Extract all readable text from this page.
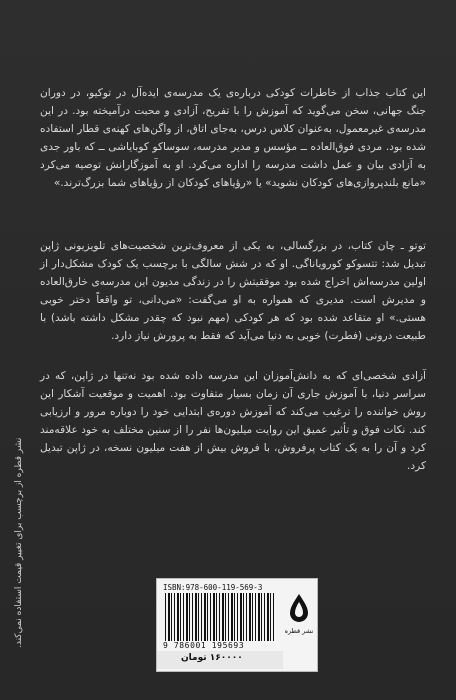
این کتاب جذاب از خاطرات کودکی درباره‌ی یک مدرسه‌ی ایده‌آل در توکیو، در دوران جنگ جهانی، سخن می‌گوید که آموزش را با تفریح، آزادی و محبت درآمیخته بود. در این مدرسه‌ی غیرمعمول، به‌عنوان کلاس درس، به‌جای اتاق، از واگن‌های کهنه‌ی قطار استفاده شده بود. مردی فوق‌العاده ــ مؤسس و مدیر مدرسه، سوساکو کوبایاشی ــ که باور جدی به آزادی بیان و عمل داشت مدرسه را اداره می‌کرد. او به آموزگارانش توصیه می‌کرد «مانع بلندپروازی‌های کودکان نشوید» یا «رؤیاهای کودکان از رؤیاهای شما بزرگ‌ترند.»
توتو ـ چان کتاب، در بزرگسالی، به یکی از معروف‌ترین شخصیت‌های تلویزیونی ژاپن تبدیل شد: تتسوکو کورویاناگی. او که در شش سالگی با برچسب یک کودک مشکل‌دار از اولین مدرسه‌اش اخراج شده بود موفقیتش را در زندگی مدیون این مدرسه‌ی خارق‌العاده و مدیرش است. مدیری که همواره به او می‌گفت: «می‌دانی، تو واقعاً دختر خوبی هستی.» او متقاعد شده بود که هر کودکی (مهم نبود که چقدر مشکل داشته باشد) با طبیعت درونی (فطرت) خوبی به دنیا می‌آید که فقط به پرورش نیاز دارد.
آزادی شخصی‌ای که به دانش‌آموزان این مدرسه داده شده بود نه‌تنها در ژاپن، که در سراسر دنیا، با آموزش جاری آن زمان بسیار متفاوت بود. اهمیت و موقعیت آشکار این روش خواننده را ترغیب می‌کند که آموزش دوره‌ی ابتدایی خود را دوباره مرور و ارزیابی کند. نکات فوق و تأثیر عمیق این روایت میلیون‌ها نفر را از سنین مختلف به خود علاقه‌مند کرد و آن را به یک کتاب پرفروش، با فروش بیش از هفت میلیون نسخه، در ژاپن تبدیل کرد.
نشر قطره از برچسب برای تغییر قیمت استفاده نمی‌کند.	ISBN:978-600-119-569-3
9 786001 195693
نشر قطره
۱۶۰۰۰۰ تومان
